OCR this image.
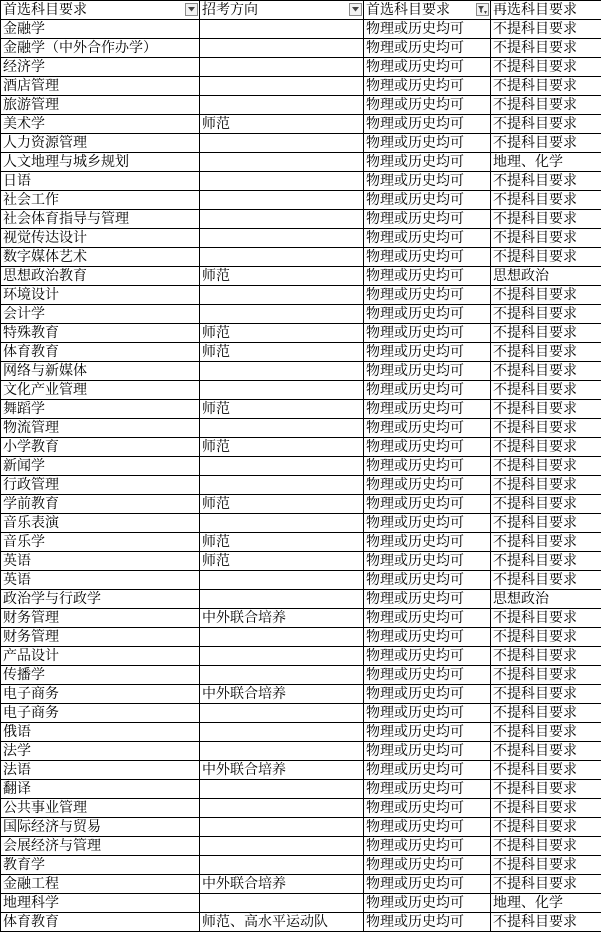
首选科目要求	招考方向	首选科目要求	再选科目要求
金融学		物理或历史均可	不提科目要求
金融学（中外合作办学）		物理或历史均可	不提科目要求
经济学		物理或历史均可	不提科目要求
酒店管理		物理或历史均可	不提科目要求
旅游管理		物理或历史均可	不提科目要求
美术学	师范	物理或历史均可	不提科目要求
人力资源管理		物理或历史均可	不提科目要求
人文地理与城乡规划		物理或历史均可	地理、化学
日语		物理或历史均可	不提科目要求
社会工作		物理或历史均可	不提科目要求
社会体育指导与管理		物理或历史均可	不提科目要求
视觉传达设计		物理或历史均可	不提科目要求
数字媒体艺术		物理或历史均可	不提科目要求
思想政治教育	师范	物理或历史均可	思想政治
环境设计		物理或历史均可	不提科目要求
会计学		物理或历史均可	不提科目要求
特殊教育	师范	物理或历史均可	不提科目要求
体育教育	师范	物理或历史均可	不提科目要求
网络与新媒体		物理或历史均可	不提科目要求
文化产业管理		物理或历史均可	不提科目要求
舞蹈学	师范	物理或历史均可	不提科目要求
物流管理		物理或历史均可	不提科目要求
小学教育	师范	物理或历史均可	不提科目要求
新闻学		物理或历史均可	不提科目要求
行政管理		物理或历史均可	不提科目要求
学前教育	师范	物理或历史均可	不提科目要求
音乐表演		物理或历史均可	不提科目要求
音乐学	师范	物理或历史均可	不提科目要求
英语	师范	物理或历史均可	不提科目要求
英语		物理或历史均可	不提科目要求
政治学与行政学		物理或历史均可	思想政治
财务管理	中外联合培养	物理或历史均可	不提科目要求
财务管理		物理或历史均可	不提科目要求
产品设计		物理或历史均可	不提科目要求
传播学		物理或历史均可	不提科目要求
电子商务	中外联合培养	物理或历史均可	不提科目要求
电子商务		物理或历史均可	不提科目要求
俄语		物理或历史均可	不提科目要求
法学		物理或历史均可	不提科目要求
法语	中外联合培养	物理或历史均可	不提科目要求
翻译		物理或历史均可	不提科目要求
公共事业管理		物理或历史均可	不提科目要求
国际经济与贸易		物理或历史均可	不提科目要求
会展经济与管理		物理或历史均可	不提科目要求
教育学		物理或历史均可	不提科目要求
金融工程	中外联合培养	物理或历史均可	不提科目要求
地理科学		物理或历史均可	地理、化学
体育教育	师范、高水平运动队	物理或历史均可	不提科目要求
